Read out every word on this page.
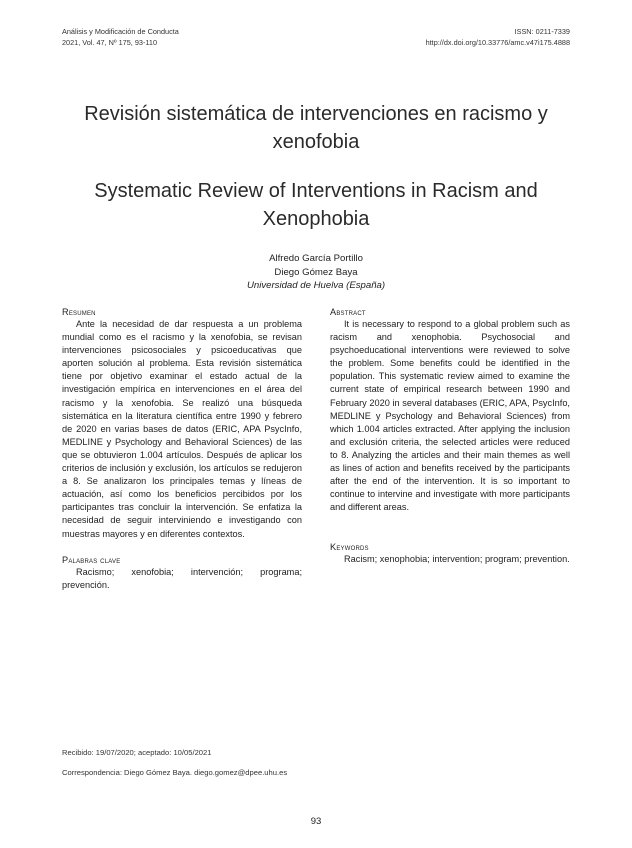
Análisis y Modificación de Conducta
2021, Vol. 47, Nº 175, 93-110
ISSN: 0211-7339
http://dx.doi.org/10.33776/amc.v47i175.4888
Revisión sistemática de intervenciones en racismo y xenofobia
Systematic Review of Interventions in Racism and Xenophobia
Alfredo García Portillo
Diego Gómez Baya
Universidad de Huelva (España)
Resumen

Ante la necesidad de dar respuesta a un problema mundial como es el racismo y la xenofobia, se revisan intervenciones psicosociales y psicoeducativas que aporten solución al problema. Esta revisión sistemática tiene por objetivo examinar el estado actual de la investigación empírica en intervenciones en el área del racismo y la xenofobia. Se realizó una búsqueda sistemática en la literatura científica entre 1990 y febrero de 2020 en varias bases de datos (ERIC, APA PsycInfo, MEDLINE y Psychology and Behavioral Sciences) de las que se obtuvieron 1.004 artículos. Después de aplicar los criterios de inclusión y exclusión, los artículos se redujeron a 8. Se analizaron los principales temas y líneas de actuación, así como los beneficios percibidos por los participantes tras concluir la intervención. Se enfatiza la necesidad de seguir interviniendo e investigando con muestras mayores y en diferentes contextos.

Palabras clave

Racismo; xenofobia; intervención; programa; prevención.

Abstract

It is necessary to respond to a global problem such as racism and xenophobia. Psychosocial and psychoeducational interventions were reviewed to solve the problem. Some benefits could be identified in the population. This systematic review aimed to examine the current state of empirical research between 1990 and February 2020 in several databases (ERIC, APA, PsycInfo, MEDLINE y Psychology and Behavioral Sciences) from which 1.004 articles extracted. After applying the inclusion and exclusión criteria, the selected articles were reduced to 8. Analyzing the articles and their main themes as well as lines of action and benefits received by the participants after the end of the intervention. It is so important to continue to intervine and investigate with more participants and different areas.

Keywords

Racism; xenophobia; intervention; program; prevention.

Recibido: 19/07/2020; aceptado: 10/05/2021
Correspondencia: Diego Gómez Baya. diego.gomez@dpee.uhu.es
93
